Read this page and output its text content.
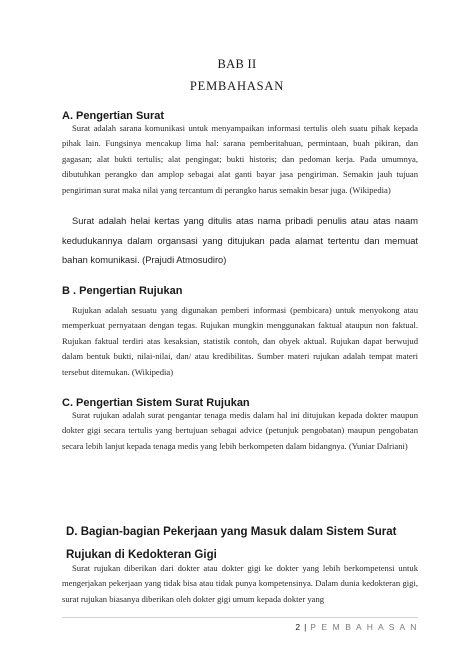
BAB II
PEMBAHASAN
A. Pengertian Surat
Surat adalah sarana komunikasi untuk menyampaikan informasi tertulis oleh suatu pihak kepada pihak lain. Fungsinya mencakup lima hal: sarana pemberitahuan, permintaan, buah pikiran, dan gagasan; alat bukti tertulis; alat pengingat; bukti historis; dan pedoman kerja. Pada umumnya, dibutuhkan perangko dan amplop sebagai alat ganti bayar jasa pengiriman. Semakin jauh tujuan pengiriman surat maka nilai yang tercantum di perangko harus semakin besar juga. (Wikipedia)
Surat adalah helai kertas yang ditulis atas nama pribadi penulis atau atas naam kedudukannya dalam organsasi yang ditujukan pada alamat tertentu dan memuat bahan komunikasi. (Prajudi Atmosudiro)
B . Pengertian Rujukan
Rujukan adalah sesuatu yang digunakan pemberi informasi (pembicara) untuk menyokong atau memperkuat pernyataan dengan tegas. Rujukan mungkin menggunakan faktual ataupun non faktual. Rujukan faktual terdiri atas kesaksian, statistik contoh, dan obyek aktual. Rujukan dapat berwujud dalam bentuk bukti, nilai-nilai, dan/ atau kredibilitas. Sumber materi rujukan adalah tempat materi tersebut ditemukan. (Wikipedia)
C. Pengertian Sistem Surat Rujukan
Surat rujukan adalah surat pengantar tenaga medis dalam hal ini ditujukan kepada dokter maupun dokter gigi secara tertulis yang bertujuan sebagai advice (petunjuk pengobatan) maupun pengobatan secara lebih lanjut kepada tenaga medis yang lebih berkompeten dalam bidangnya. (Yuniar Dalriani)
D. Bagian-bagian Pekerjaan yang Masuk dalam Sistem Surat Rujukan di Kedokteran Gigi
Surat rujukan diberikan dari dokter atau dokter gigi ke dokter yang lebih berkompetensi untuk mengerjakan pekerjaan yang tidak bisa atau tidak punya kompetensinya. Dalam dunia kedokteran gigi, surat rujukan biasanya diberikan oleh dokter gigi umum kepada dokter yang
2 | P E M B A H A S A N
